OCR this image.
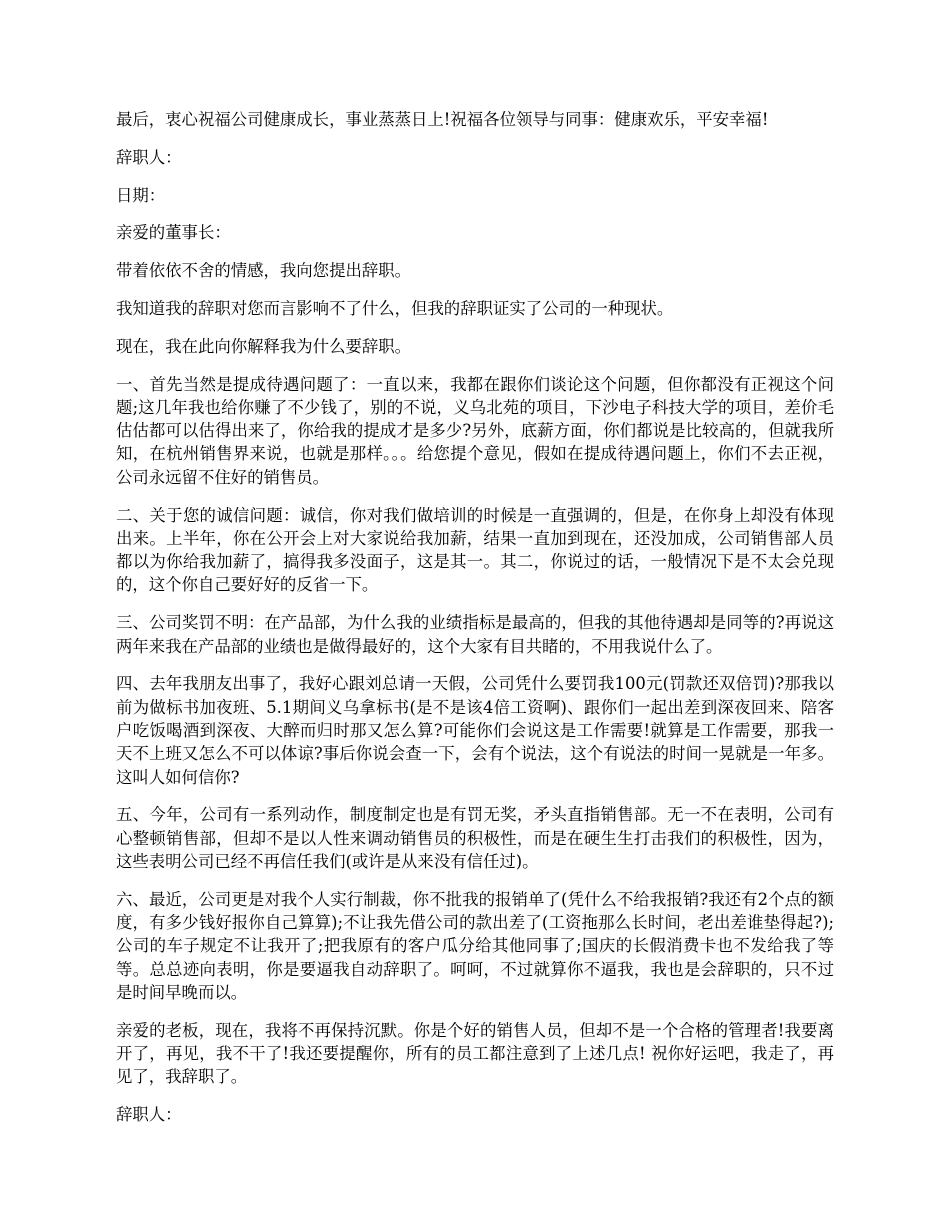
最后，衷心祝福公司健康成长，事业蒸蒸日上!祝福各位领导与同事：健康欢乐，平安幸福!

辞职人：

日期：

亲爱的董事长：

带着依依不舍的情感，我向您提出辞职。

我知道我的辞职对您而言影响不了什么，但我的辞职证实了公司的一种现状。

现在，我在此向你解释我为什么要辞职。

一、首先当然是提成待遇问题了：一直以来，我都在跟你们谈论这个问题，但你都没有正视这个问题;这几年我也给你赚了不少钱了，别的不说，义乌北苑的项目，下沙电子科技大学的项目，差价毛估估都可以估得出来了，你给我的提成才是多少?另外，底薪方面，你们都说是比较高的，但就我所知，在杭州销售界来说，也就是那样。。。给您提个意见，假如在提成待遇问题上，你们不去正视，公司永远留不住好的销售员。

二、关于您的诚信问题：诚信，你对我们做培训的时候是一直强调的，但是，在你身上却没有体现出来。上半年，你在公开会上对大家说给我加薪，结果一直加到现在，还没加成，公司销售部人员都以为你给我加薪了，搞得我多没面子，这是其一。其二，你说过的话，一般情况下是不太会兑现的，这个你自己要好好的反省一下。

三、公司奖罚不明：在产品部，为什么我的业绩指标是最高的，但我的其他待遇却是同等的?再说这两年来我在产品部的业绩也是做得最好的，这个大家有目共睹的，不用我说什么了。

四、去年我朋友出事了，我好心跟刘总请一天假，公司凭什么要罚我100元(罚款还双倍罚)?那我以前为做标书加夜班、5.1期间义乌拿标书(是不是该4倍工资啊)、跟你们一起出差到深夜回来、陪客户吃饭喝酒到深夜、大醉而归时那又怎么算?可能你们会说这是工作需要!就算是工作需要，那我一天不上班又怎么不可以体谅?事后你说会查一下，会有个说法，这个有说法的时间一晃就是一年多。这叫人如何信你?

五、今年，公司有一系列动作，制度制定也是有罚无奖，矛头直指销售部。无一不在表明，公司有心整顿销售部，但却不是以人性来调动销售员的积极性，而是在硬生生打击我们的积极性，因为，这些表明公司已经不再信任我们(或许是从来没有信任过)。

六、最近，公司更是对我个人实行制裁，你不批我的报销单了(凭什么不给我报销?我还有2个点的额度，有多少钱好报你自己算算);不让我先借公司的款出差了(工资拖那么长时间，老出差谁垫得起?);公司的车子规定不让我开了;把我原有的客户瓜分给其他同事了;国庆的长假消费卡也不发给我了等等。总总迹向表明，你是要逼我自动辞职了。呵呵，不过就算你不逼我，我也是会辞职的，只不过是时间早晚而以。

亲爱的老板，现在，我将不再保持沉默。你是个好的销售人员，但却不是一个合格的管理者!我要离开了，再见，我不干了!我还要提醒你，所有的员工都注意到了上述几点! 祝你好运吧，我走了，再见了，我辞职了。

辞职人：
